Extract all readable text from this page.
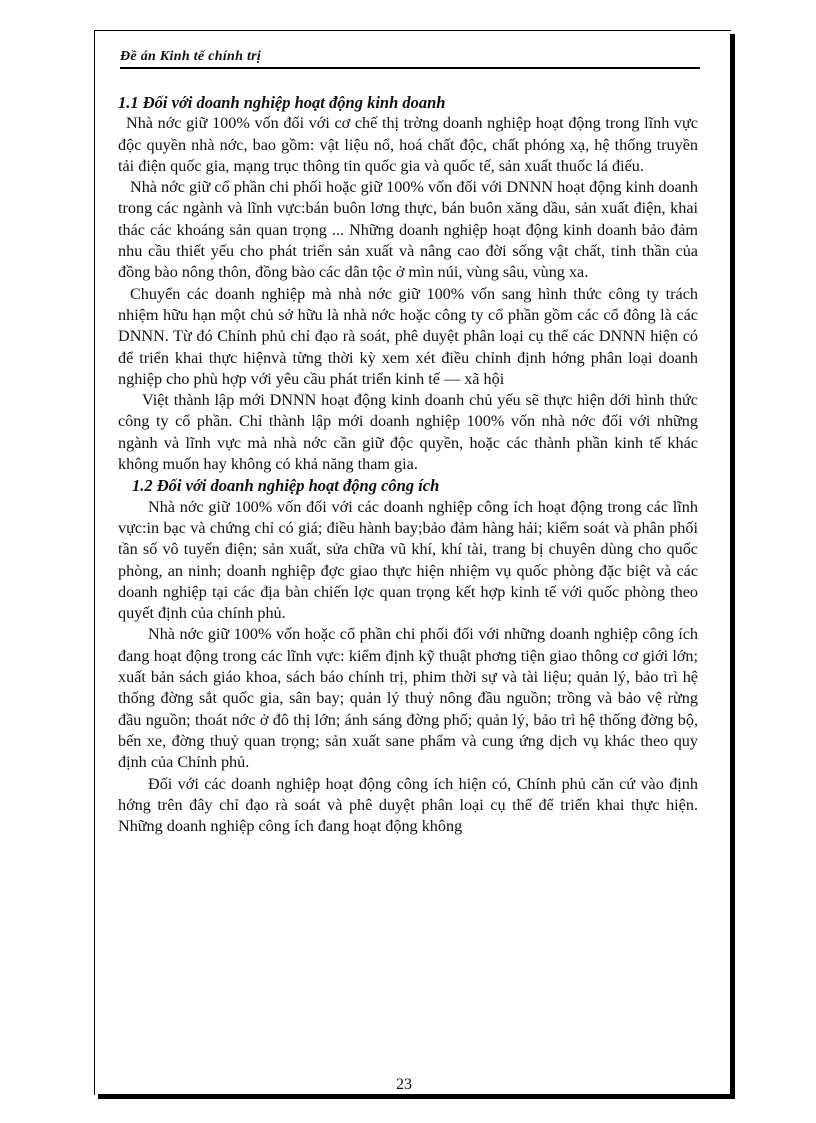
Đề án Kinh tế chính trị
1.1 Đối với doanh nghiệp hoạt động kinh doanh

Nhà nớc giữ 100% vốn đối với cơ chế thị trờng doanh nghiệp hoạt động trong lĩnh vực độc quyền nhà nớc, bao gồm: vật liệu nổ, hoá chất độc, chất phóng xạ, hệ thống truyền tải điện quốc gia, mạng trục thông tin quốc gia và quốc tế, sản xuất thuốc lá điếu.

Nhà nớc giữ cổ phần chi phối hoặc giữ 100% vốn đối với DNNN hoạt động kinh doanh trong các ngành và lĩnh vực:bán buôn lơng thực, bán buôn xăng dầu, sản xuất điện, khai thác các khoáng sản quan trọng ... Những doanh nghiệp hoạt động kinh doanh bảo đảm nhu cầu thiết yếu cho phát triển sản xuất và nâng cao đời sống vật chất, tinh thần của đồng bào nông thôn, đồng bào các dân tộc ở mìn núi, vùng sâu, vùng xa.

Chuyển các doanh nghiệp mà nhà nớc giữ 100% vốn sang hình thức công ty trách nhiệm hữu hạn một chủ sở hữu là nhà nớc hoặc công ty cổ phần gồm các cổ đông là các DNNN. Từ đó Chính phủ chỉ đạo rà soát, phê duyệt phân loại cụ thể các DNNN hiện có để triển khai thực hiệnvà từng thời kỳ xem xét điều chỉnh định hớng phân loại doanh nghiệp cho phù hợp với yêu cầu phát triển kinh tế — xã hội

Việt thành lập mới DNNN hoạt động kinh doanh chủ yếu sẽ thực hiện dới hình thức công ty cổ phần. Chỉ thành lập mới doanh nghiệp 100% vốn nhà nớc đối với những ngành và lĩnh vực mà nhà nớc cần giữ độc quyền, hoặc các thành phần kinh tế khác không muốn hay không có khả năng tham gia.

1.2 Đối với doanh nghiệp hoạt động công ích

Nhà nớc giữ 100% vốn đối với các doanh nghiệp công ích hoạt động trong các lĩnh vực:in bạc và chứng chỉ có giá; điều hành bay;bảo đảm hàng hải; kiểm soát và phân phối tần số vô tuyến điện; sản xuất, sửa chữa vũ khí, khí tài, trang bị chuyên dùng cho quốc phòng, an ninh; doanh nghiệp đợc giao thực hiện nhiệm vụ quốc phòng đặc biệt và các doanh nghiệp tại các địa bàn chiến lợc quan trọng kết hợp kinh tế với quốc phòng theo quyết định của chính phủ.

Nhà nớc giữ 100% vốn hoặc cổ phần chi phối đối với những doanh nghiệp công ích đang hoạt động trong các lĩnh vực: kiểm định kỹ thuật phơng tiện giao thông cơ giới lớn; xuất bản sách giáo khoa, sách báo chính trị, phim thời sự và tài liệu; quản lý, bảo trì hệ thống đờng sắt quốc gia, sân bay; quản lý thuỷ nông đầu nguồn; trồng và bảo vệ rừng đầu nguồn; thoát nớc ở đô thị lớn; ánh sáng đờng phố; quản lý, bảo trì hệ thống đờng bộ, bến xe, đờng thuỷ quan trọng; sản xuất sane phẩm và cung ứng dịch vụ khác theo quy định của Chính phủ.

Đối với các doanh nghiệp hoạt động công ích hiện có, Chính phủ căn cứ vào định hớng trên đây chỉ đạo rà soát và phê duyệt phân loại cụ thể để triển khai thực hiện. Những doanh nghiệp công ích đang hoạt động không

23
